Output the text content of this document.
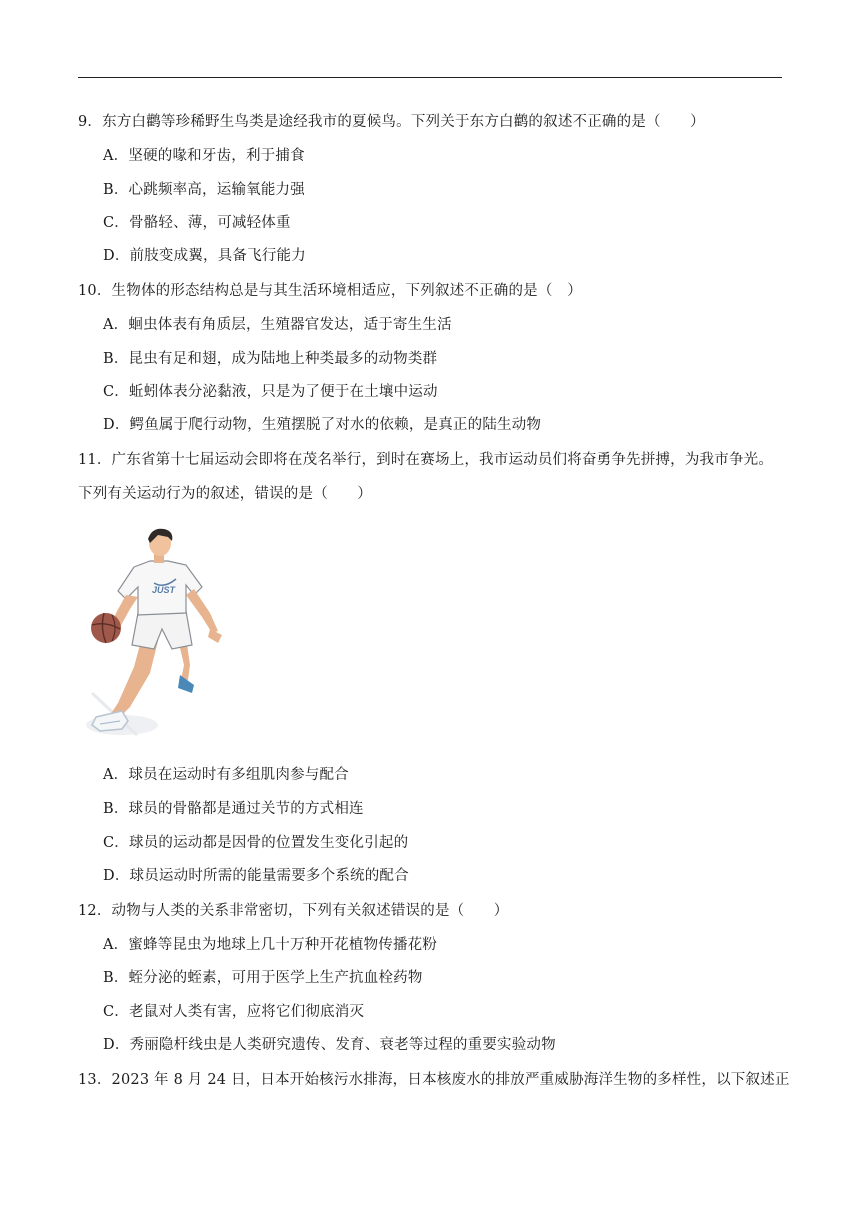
9．东方白鹳等珍稀野生鸟类是途经我市的夏候鸟。下列关于东方白鹳的叙述不正确的是（　　）
A．坚硬的喙和牙齿，利于捕食
B．心跳频率高，运输氧能力强
C．骨骼轻、薄，可减轻体重
D．前肢变成翼，具备飞行能力
10．生物体的形态结构总是与其生活环境相适应，下列叙述不正确的是（　）
A．蛔虫体表有角质层，生殖器官发达，适于寄生生活
B．昆虫有足和翅，成为陆地上种类最多的动物类群
C．蚯蚓体表分泌黏液，只是为了便于在土壤中运动
D．鳄鱼属于爬行动物，生殖摆脱了对水的依赖，是真正的陆生动物
11．广东省第十七届运动会即将在茂名举行，到时在赛场上，我市运动员们将奋勇争先拼搏，为我市争光。
下列有关运动行为的叙述，错误的是（　　）
JUST
A．球员在运动时有多组肌肉参与配合
B．球员的骨骼都是通过关节的方式相连
C．球员的运动都是因骨的位置发生变化引起的
D．球员运动时所需的能量需要多个系统的配合
12．动物与人类的关系非常密切，下列有关叙述错误的是（　　）
A．蜜蜂等昆虫为地球上几十万种开花植物传播花粉
B．蛭分泌的蛭素，可用于医学上生产抗血栓药物
C．老鼠对人类有害，应将它们彻底消灭
D．秀丽隐杆线虫是人类研究遗传、发育、衰老等过程的重要实验动物
13．2023 年 8 月 24 日，日本开始核污水排海，日本核废水的排放严重威胁海洋生物的多样性，以下叙述正
